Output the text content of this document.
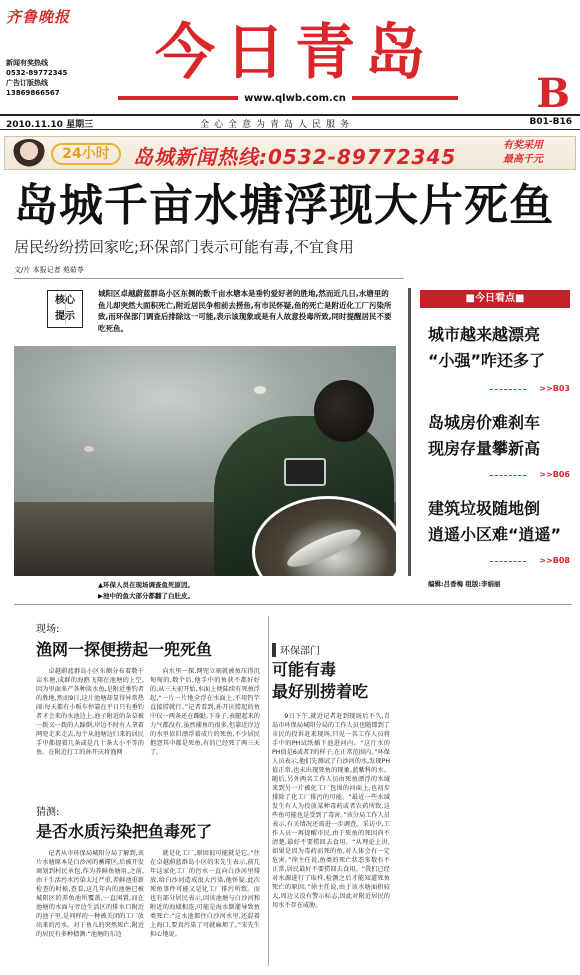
齐鲁晚报
新闻有奖热线
0532-89772345
广告订版热线
13869866567
今日青岛
www.qlwb.com.cn	B
2010.11.10 星期三	全心全意为青岛人民服务	B01-B16
24小时	岛城新闻热线:0532-89772345	有奖采用
最高千元
岛城千亩水塘浮现大片死鱼
居民纷纷捞回家吃;环保部门表示可能有毒,不宜食用
文/片 本报记者 苑茹苓
核心
提示

城阳区卓越蔚蓝群岛小区东侧的数千亩水塘本是垂钓爱好者的胜地,然而近几日,水塘里的鱼儿却突然大面积死亡,附近居民争相前去捞鱼,有市民怀疑,鱼的死亡是附近化工厂污染所致,而环保部门调查后排除这一可能,表示该现象或是有人故意投毒所致,同时提醒居民不要吃死鱼。

▲环保人员在现场调查鱼死原因。
▶池中的鱼大部分都翻了白肚皮。
■今日看点■
城市越来越漂亮
“小强”咋还多了
>>B03
岛城房价难刹车
现房存量攀新高
>>B06
建筑垃圾随地倒
逍遥小区难“逍遥”
>>B08
编辑:吕香梅 组版:李娟丽
现场:
渔网一探便捞起一兜死鱼

卓越蔚蓝群岛小区东侧分布着数千亩水塘,成群的海鸥飞翔在池塘的上空,因为里面多产各种淡水鱼,是附近垂钓者的胜地,然而9日,这片池塘却显得异常热闹:每天都有小贩车停靠在平日只有垂钓者才会来的水池边上,池子附近的杂草被一拨又一拨的人踩倒,岸边不时有人拿着网兜走来走去,每个从池塘边归来的居民手中都提着几条或是几十条大小不等的鱼。在附近打工的孙开庆将渔网

向水里一探,网兜立刻就被鱼压得沉甸甸的,数个后,他手中的鱼获不都好好的,从三天前开始,水面上便陆续有死鱼浮起,“一片一片地全浮在水面上,不用钓竿直接捞就行。”记者看到,孙开庆捞起的鱼中仅一两条还在蹦跶,下身子,表腿起来的力气都没有,虽然捕鱼的很多,但靠近岸边的水里依旧漂浮着成片的死鱼,不少居民抱怨其中都是死鱼,有的已经死了两三天了。

猜测:
是否水质污染把鱼毒死了

记者从市环保局城阳分局了解到,该片水塘原本是白沙河的蓄滞区,后被开发商划到村民承包,作为养鲜鱼塘用,之前,由于生活污水污染太过严重,养鲜池重新检查的时候,查看,这几年内的池塘已被城阳区的养鱼池所覆盖,一直闲置,而在池塘的水面与旁边生活区的排水口附近的池子里,是同样的一种被关闭的工厂放出来的污水。对于鱼儿的突然死亡,附近的居民有多种猜测:“池塘的东边

就是化工厂,原因很可能就是它。”住在卓越蔚蓝群岛小区的宋先生表示,前几年这家化工厂的污水一直向白沙河里排放,给白沙河造成很大污染,他怀疑,此次死鱼事件可能又是化工厂排污所致。而也有部分居民表示,因该池塘与白沙河和附近的海域相连,可能是海水倒灌导致鱼类死亡:“这水池都往白沙河水里,还混着上海口,要真污染了可就麻烦了。”宋先生担心地说。

环保部门
可能有毒
最好别捞着吃

9日下午,就近记者赶到现场后不久,青岛市环保局城阳分局的工作人员也随即到了市民的投诉赶来现场,只见一名工作人员将手中的PH试纸插下池进河内。“这片水的PH值是6或者7的样子,在正常范围内。”环保人员表示,他们先测试了白沙河的水,发现PH值正常,也未出现死鱼的现象,蓝紫科的水。随后,另外两名工作人员由死鱼漂浮的水域来到另一片被化工厂包围的河面上,也初步排除了化工厂排污的可能。“最近一些水域发生有人为投放某种毒药或者农药所致,这些鱼可能也是受到了毒害。”该分局工作人员表示,有关情况还需进一步调查。采访中,工作人员一再提醒市民,由于死鱼的死因尚不清楚,最好不要捞回去食用。“从理论上讲,如果是因为毒药而死的鱼,对人体会有一定危害。”徐主任说,鱼类的死亡状态多数有不正常,居民最好不要捞回去食用。“我们已经对水源进行了取样,检测之后才能知道死鱼死亡的原因。”徐主任说,由于该水塘面积较大,周边又没有警示标志,因此对附近居民的用水不存在威胁。
